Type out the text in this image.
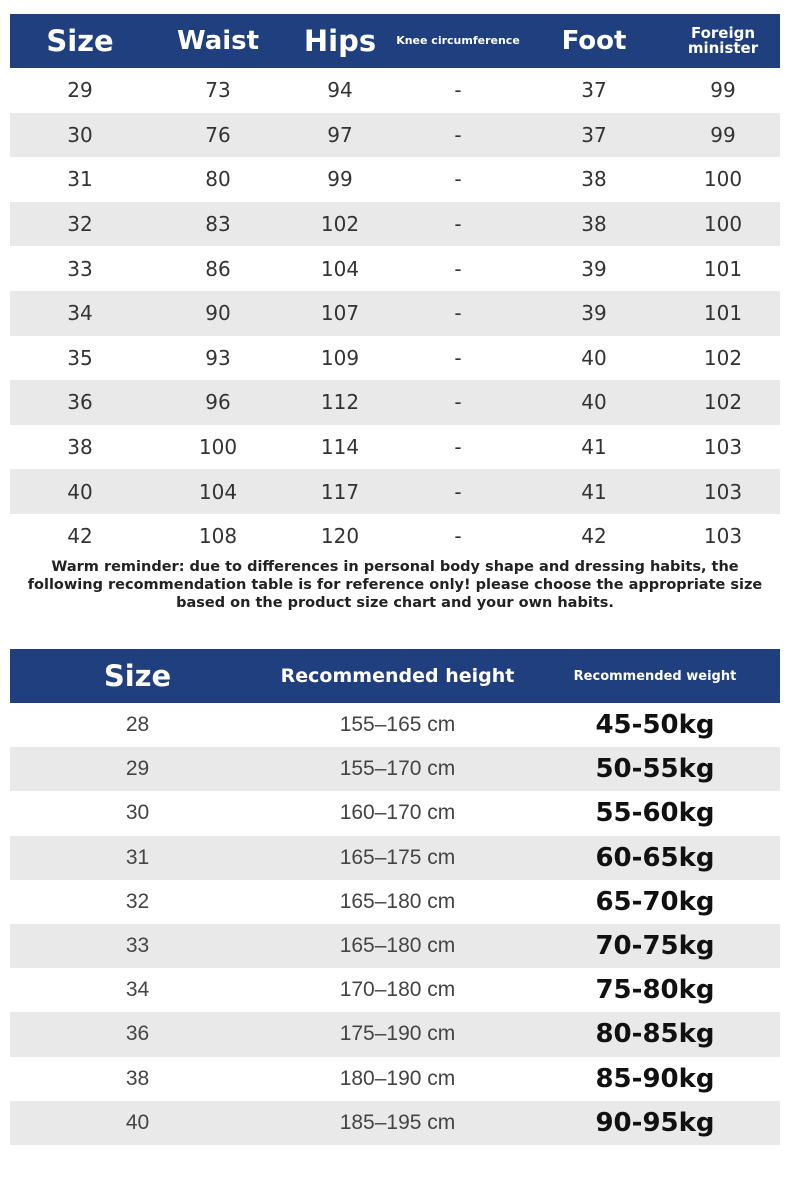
Size	Waist	Hips	Knee circumference	Foot	Foreign minister
29	73	94	-	37	99
30	76	97	-	37	99
31	80	99	-	38	100
32	83	102	-	38	100
33	86	104	-	39	101
34	90	107	-	39	101
35	93	109	-	40	102
36	96	112	-	40	102
38	100	114	-	41	103
40	104	117	-	41	103
42	108	120	-	42	103
Warm reminder: due to differences in personal body shape and dressing habits, the following recommendation table is for reference only! please choose the appropriate size based on the product size chart and your own habits.
Size	Recommended height	Recommended weight
28	155–165 cm	45-50kg
29	155–170 cm	50-55kg
30	160–170 cm	55-60kg
31	165–175 cm	60-65kg
32	165–180 cm	65-70kg
33	165–180 cm	70-75kg
34	170–180 cm	75-80kg
36	175–190 cm	80-85kg
38	180–190 cm	85-90kg
40	185–195 cm	90-95kg
